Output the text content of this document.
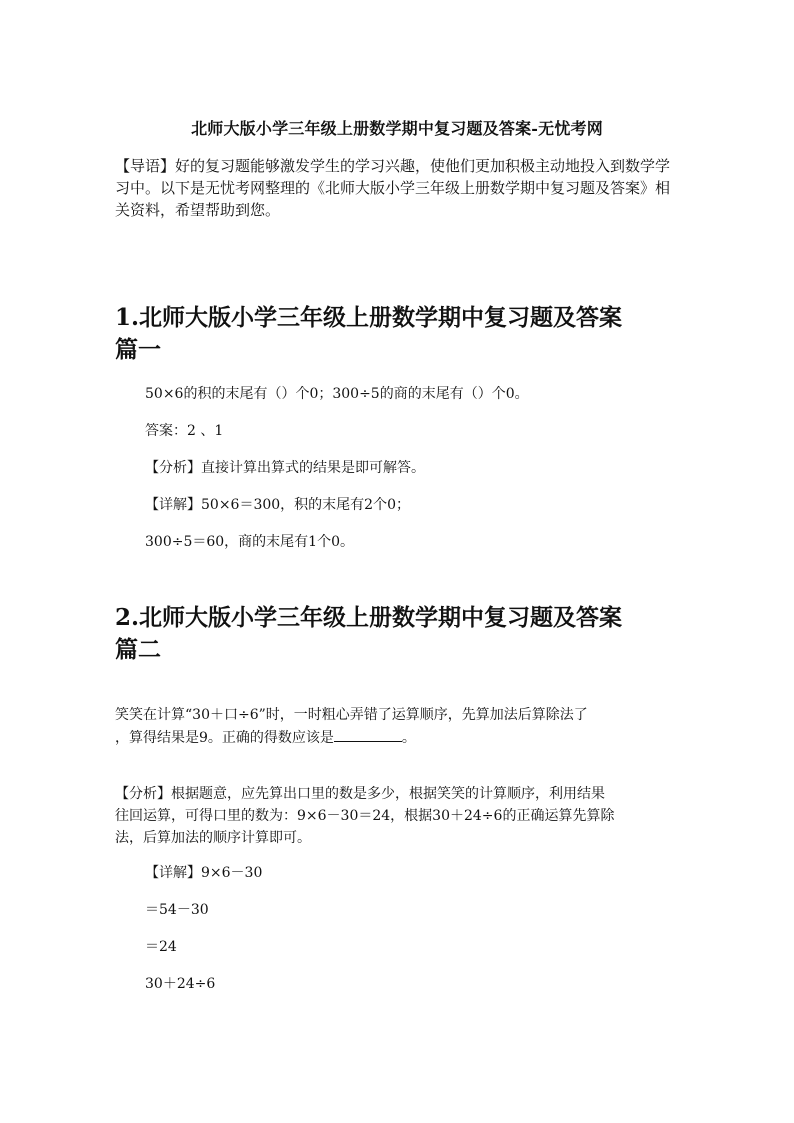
北师大版小学三年级上册数学期中复习题及答案-无忧考网
【导语】好的复习题能够激发学生的学习兴趣，使他们更加积极主动地投入到数学学习中。以下是无忧考网整理的《北师大版小学三年级上册数学期中复习题及答案》相关资料，希望帮助到您。
1.北师大版小学三年级上册数学期中复习题及答案
篇一
50×6的积的末尾有（）个0；300÷5的商的末尾有（）个0。
答案：2 、1
【分析】直接计算出算式的结果是即可解答。
【详解】50×6＝300，积的末尾有2个0；
300÷5＝60，商的末尾有1个0。
2.北师大版小学三年级上册数学期中复习题及答案
篇二
笑笑在计算“30＋口÷6”时，一时粗心弄错了运算顺序，先算加法后算除法了
，算得结果是9。正确的得数应该是	。
【分析】根据题意，应先算出口里的数是多少，根据笑笑的计算顺序，利用结果
往回运算，可得口里的数为：9×6－30＝24，根据30＋24÷6的正确运算先算除
法，后算加法的顺序计算即可。
【详解】9×6－30
＝54－30
＝24
30＋24÷6
